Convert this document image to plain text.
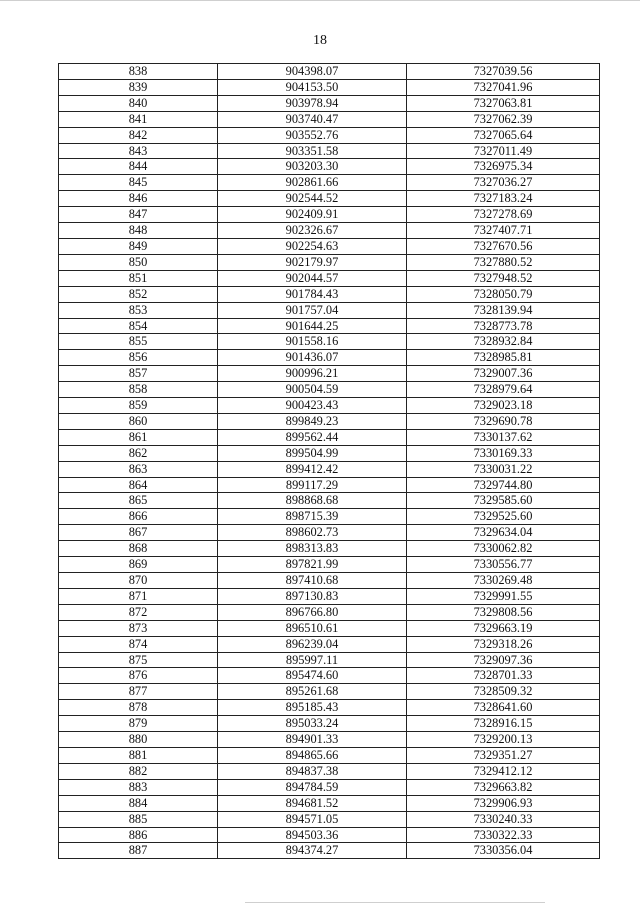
18
838	904398.07	7327039.56
839	904153.50	7327041.96
840	903978.94	7327063.81
841	903740.47	7327062.39
842	903552.76	7327065.64
843	903351.58	7327011.49
844	903203.30	7326975.34
845	902861.66	7327036.27
846	902544.52	7327183.24
847	902409.91	7327278.69
848	902326.67	7327407.71
849	902254.63	7327670.56
850	902179.97	7327880.52
851	902044.57	7327948.52
852	901784.43	7328050.79
853	901757.04	7328139.94
854	901644.25	7328773.78
855	901558.16	7328932.84
856	901436.07	7328985.81
857	900996.21	7329007.36
858	900504.59	7328979.64
859	900423.43	7329023.18
860	899849.23	7329690.78
861	899562.44	7330137.62
862	899504.99	7330169.33
863	899412.42	7330031.22
864	899117.29	7329744.80
865	898868.68	7329585.60
866	898715.39	7329525.60
867	898602.73	7329634.04
868	898313.83	7330062.82
869	897821.99	7330556.77
870	897410.68	7330269.48
871	897130.83	7329991.55
872	896766.80	7329808.56
873	896510.61	7329663.19
874	896239.04	7329318.26
875	895997.11	7329097.36
876	895474.60	7328701.33
877	895261.68	7328509.32
878	895185.43	7328641.60
879	895033.24	7328916.15
880	894901.33	7329200.13
881	894865.66	7329351.27
882	894837.38	7329412.12
883	894784.59	7329663.82
884	894681.52	7329906.93
885	894571.05	7330240.33
886	894503.36	7330322.33
887	894374.27	7330356.04
